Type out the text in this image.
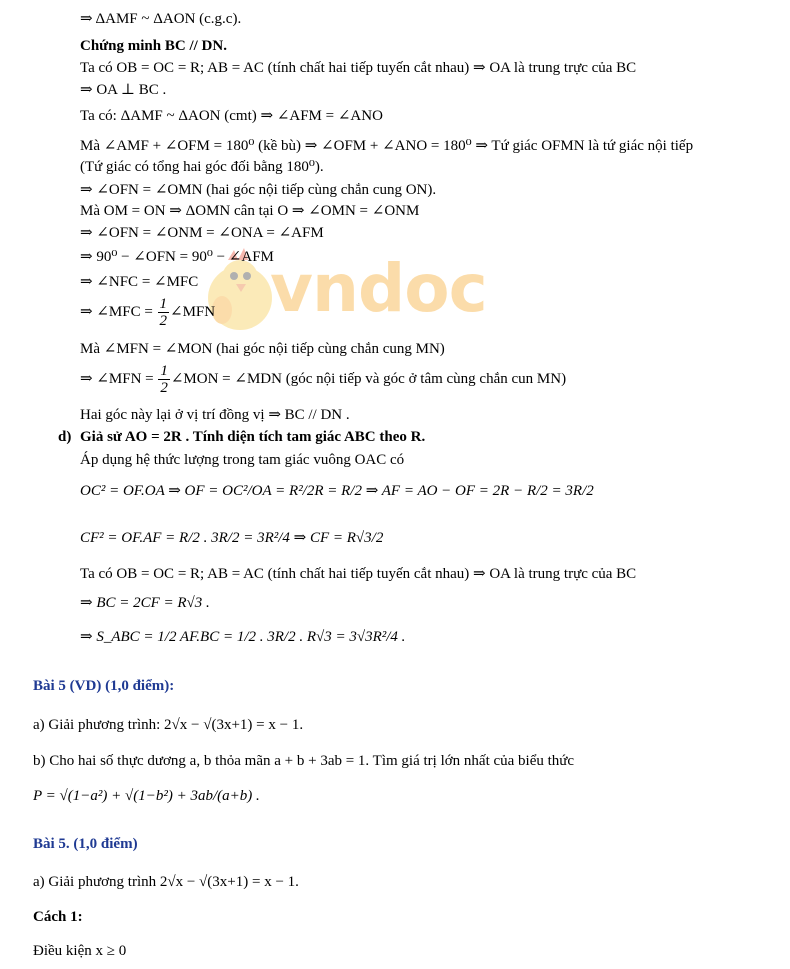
vndoc
⇒ ΔAMF ~ ΔAON (c.g.c).
Chứng minh BC // DN.
Ta có OB = OC = R; AB = AC (tính chất hai tiếp tuyến cắt nhau) ⇒ OA là trung trực của BC
⇒ OA ⊥ BC .
Ta có: ΔAMF ~ ΔAON (cmt) ⇒ ∠AFM = ∠ANO
Mà ∠AMF + ∠OFM = 180⁰ (kề bù) ⇒ ∠OFM + ∠ANO = 180⁰ ⇒ Tứ giác OFMN là tứ giác nội tiếp
(Tứ giác có tổng hai góc đối bằng 180⁰).
⇒ ∠OFN = ∠OMN (hai góc nội tiếp cùng chắn cung ON).
Mà OM = ON ⇒ ΔOMN cân tại O ⇒ ∠OMN = ∠ONM
⇒ ∠OFN = ∠ONM = ∠ONA = ∠AFM
⇒ 90⁰ − ∠OFN = 90⁰ − ∠AFM
⇒ ∠NFC = ∠MFC
⇒ ∠MFC = $\frac{1}{2}$ ∠MFN
Mà ∠MFN = ∠MON (hai góc nội tiếp cùng chắn cung MN)
⇒ ∠MFN = $\frac{1}{2}$ ∠MON = ∠MDN (góc nội tiếp và góc ở tâm cùng chắn cun MN)
Hai góc này lại ở vị trí đồng vị ⇒ BC // DN .
d) Giả sử AO = 2R . Tính diện tích tam giác ABC theo R.
Áp dụng hệ thức lượng trong tam giác vuông OAC có
OC² = OF.OA ⇒ OF = OC²/OA = R²/2R = R/2 ⇒ AF = AO − OF = 2R − R/2 = 3R/2
CF² = OF.AF = R/2 . 3R/2 = 3R²/4 ⇒ CF = R√3/2
Ta có OB = OC = R; AB = AC (tính chất hai tiếp tuyến cắt nhau) ⇒ OA là trung trực của BC
⇒ BC = 2CF = R√3 .
⇒ S_ABC = 1/2 AF.BC = 1/2 . 3R/2 . R√3 = 3√3R²/4 .
Bài 5 (VD) (1,0 điểm):
a) Giải phương trình: 2√x − √(3x+1) = x − 1.
b) Cho hai số thực dương a, b thỏa mãn a + b + 3ab = 1. Tìm giá trị lớn nhất của biểu thức
P = √(1−a²) + √(1−b²) + 3ab/(a+b) .
Bài 5. (1,0 điểm)
a) Giải phương trình 2√x − √(3x+1) = x − 1.
Cách 1:
Điều kiện x ≥ 0
